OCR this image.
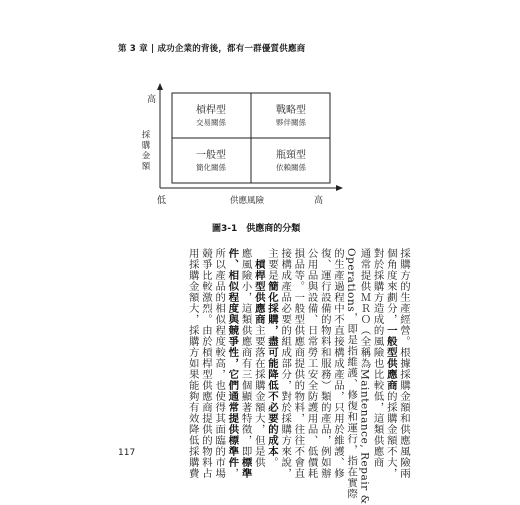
第 3 章 | 成功企業的背後，都有一群優質供應商
高
採購金額
低	供應風險	高
槓桿型
交易關係
戰略型
夥伴關係
一般型
簡化關係
瓶頸型
依賴關係
圖3-1　供應商的分類
採購方的生產經營。根據採購金額和供應風險兩
個角度來劃分，一般型供應商的採購金額不大，
對於採購方造成的風險也比較低，這類供應商
通常提供ＭＲＯ（全稱為Maintenance, Repair &
Operations，即是指維護、修復和運行，指在實際
的生產過程中不直接構成產品，只用於維護、修
復、運行設備的物料和服務）類的產品，例如辦
公用品與設備、日常勞工安全防護用品、低價耗
損品等。一般型供應商提供的物料，往往不會直
接構成產品必要的組成部分，對於採購方來說，
主要是簡化採購，盡可能降低不必要的成本。
　槓桿型供應商主要落在採購金額大，但是供
應風險小，這類供應商有三個顯著特徵，即標準
件、相似程度與競爭性，它們通常提供標準件，
所以產品的相似程度較高，也使得其面臨的市場
競爭比較激烈。由於槓桿型供應商提供的物料占
用採購金額大，採購方如果能夠有效降低採購費
117
